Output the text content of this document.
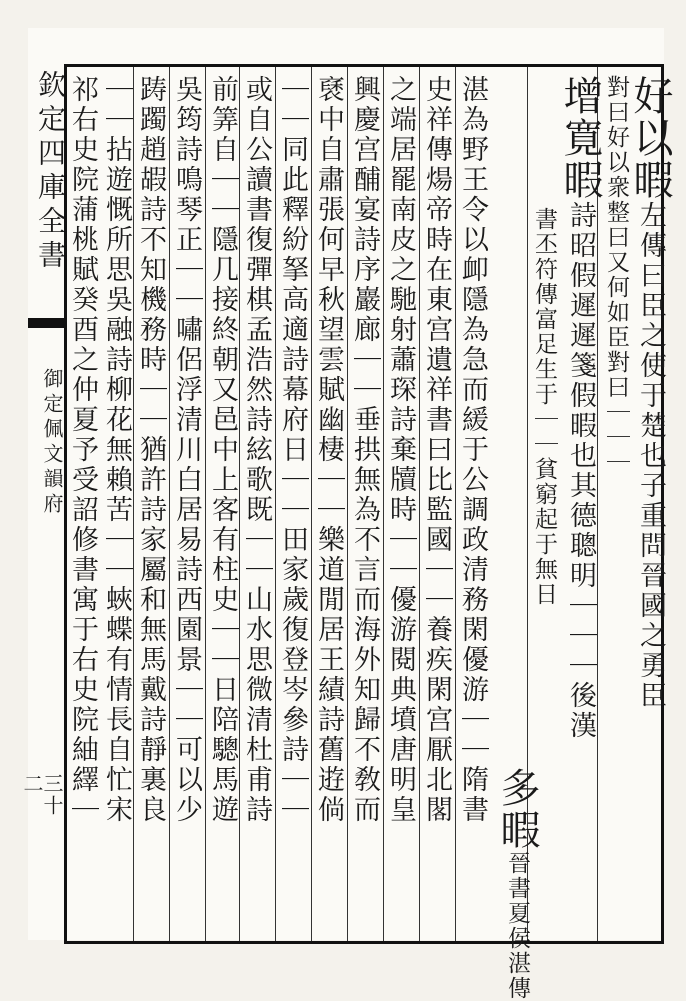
欽定四庫全書
御定佩文韻府
三十二
好以暇左傳曰臣之使于楚也子重問晉國之勇臣
對曰好以衆整曰又何如臣對曰｜｜｜
增寛暇詩昭假遲遲箋假暇也其德聰明｜｜｜後漢
書丕符傳富足生于｜｜貧窮起于無日
多暇晉書夏侯湛傳
湛為野王令以卹隱為急而緩于公調政清務閑優游｜｜隋書
史祥傳煬帝時在東宫遺祥書曰比監國｜｜養疾閑宫厭北閣
之端居罷南皮之馳射蕭琛詩棄牘時｜｜優游閱典墳唐明皇
興慶宫酺宴詩序巖廊｜｜垂拱無為不言而海外知歸不敎而
褎中自肅張何早秋望雲賦幽棲｜｜樂道閒居王績詩舊逰倘
｜｜同此釋紛拏高適詩幕府日｜｜田家歲復登岑參詩｜｜
或自公讀書復彈棋孟浩然詩絃歌既｜｜山水思微清杜甫詩
前筭自｜｜隱几接終朝又邑中上客有柱史｜｜日陪驄馬遊
吳筠詩鳴琴正｜｜嘯侶浮清川白居易詩西園景｜｜可以少
踌躅趙嘏詩不知機務時｜｜猶許詩家屬和無馬戴詩靜裏良
｜｜拈遊慨所思吳融詩柳花無賴苦｜｜蛺蝶有情長自忙宋
祁右史院蒲桃賦癸酉之仲夏予受詔修書寓于右史院紬繹｜
